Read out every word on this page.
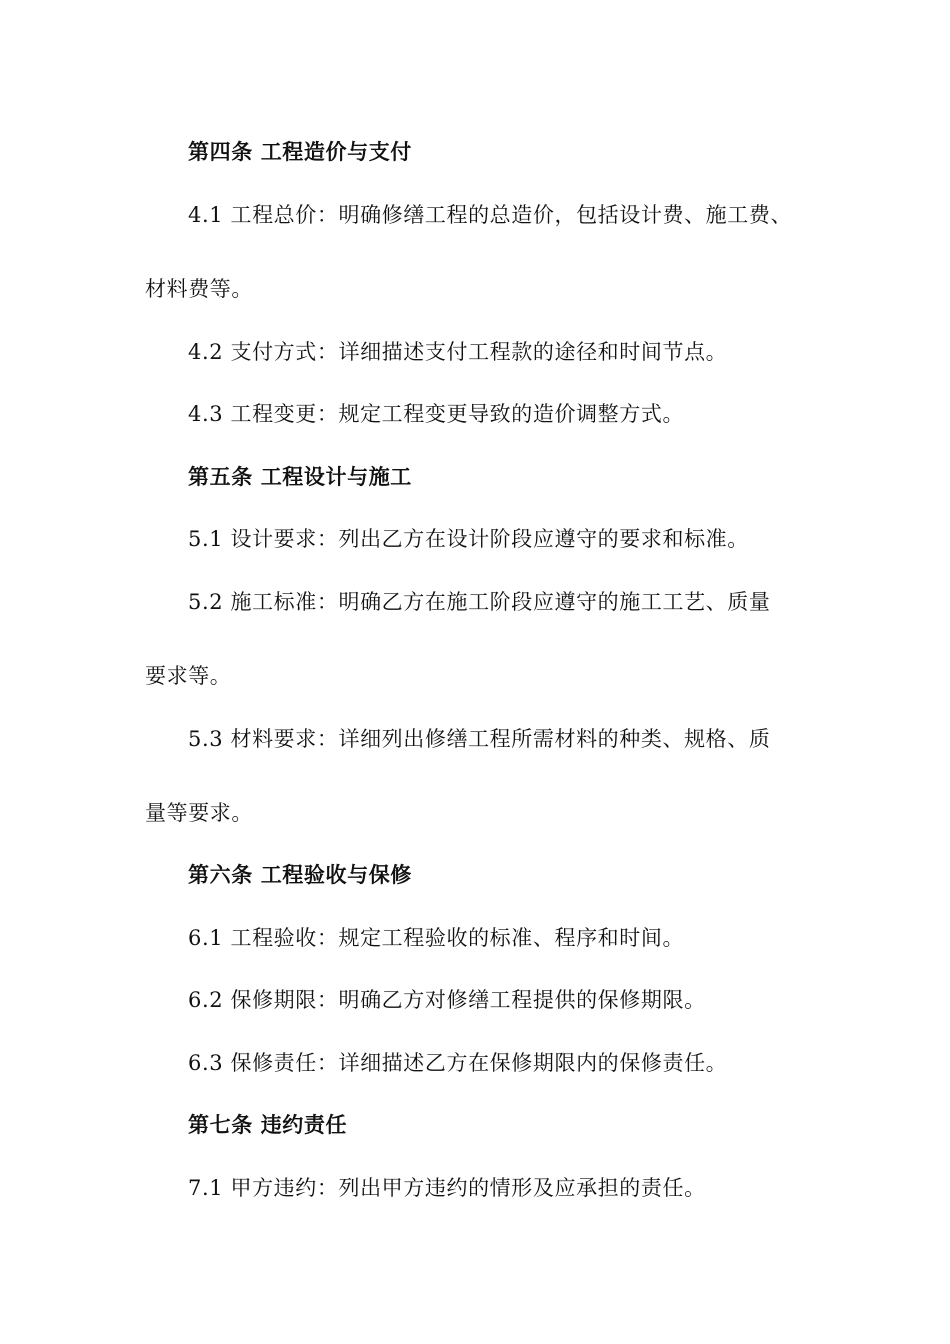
第四条 工程造价与支付
4.1 工程总价：明确修缮工程的总造价，包括设计费、施工费、
材料费等。
4.2 支付方式：详细描述支付工程款的途径和时间节点。
4.3 工程变更：规定工程变更导致的造价调整方式。
第五条 工程设计与施工
5.1 设计要求：列出乙方在设计阶段应遵守的要求和标准。
5.2 施工标准：明确乙方在施工阶段应遵守的施工工艺、质量
要求等。
5.3 材料要求：详细列出修缮工程所需材料的种类、规格、质
量等要求。
第六条 工程验收与保修
6.1 工程验收：规定工程验收的标准、程序和时间。
6.2 保修期限：明确乙方对修缮工程提供的保修期限。
6.3 保修责任：详细描述乙方在保修期限内的保修责任。
第七条 违约责任
7.1 甲方违约：列出甲方违约的情形及应承担的责任。
